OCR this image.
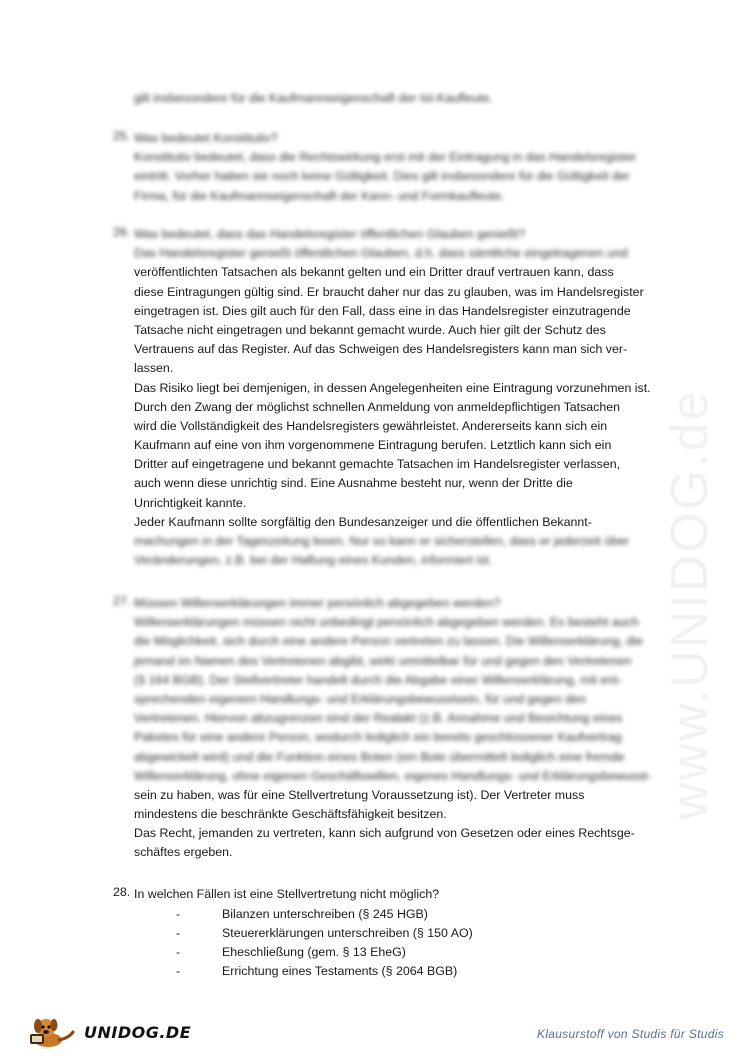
www.UNIDOG.de
gilt insbesondere für die Kaufmannseigenschaft der Ist-Kaufleute.
25. Was bedeutet Konstitutiv?
Konstitutiv bedeutet, dass die Rechtswirkung erst mit der Eintragung in das Handelsregister
eintritt. Vorher hatten sie noch keine Gültigkeit. Dies gilt insbesondere für die Gültigkeit der
Firma, für die Kaufmannseigenschaft der Kann- und Formkaufleute.
26. Was bedeutet, dass das Handelsregister öffentlichen Glauben genießt?
Das Handelsregister genießt öffentlichen Glauben, d.h. dass sämtliche eingetragenen und
veröffentlichten Tatsachen als bekannt gelten und ein Dritter drauf vertrauen kann, dass
diese Eintragungen gültig sind. Er braucht daher nur das zu glauben, was im Handelsregister
eingetragen ist. Dies gilt auch für den Fall, dass eine in das Handelsregister einzutragende
Tatsache nicht eingetragen und bekannt gemacht wurde. Auch hier gilt der Schutz des
Vertrauens auf das Register. Auf das Schweigen des Handelsregisters kann man sich ver-
lassen.
Das Risiko liegt bei demjenigen, in dessen Angelegenheiten eine Eintragung vorzunehmen ist.
Durch den Zwang der möglichst schnellen Anmeldung von anmeldepflichtigen Tatsachen
wird die Vollständigkeit des Handelsregisters gewährleistet. Andererseits kann sich ein
Kaufmann auf eine von ihm vorgenommene Eintragung berufen. Letztlich kann sich ein
Dritter auf eingetragene und bekannt gemachte Tatsachen im Handelsregister verlassen,
auch wenn diese unrichtig sind. Eine Ausnahme besteht nur, wenn der Dritte die
Unrichtigkeit kannte.
Jeder Kaufmann sollte sorgfältig den Bundesanzeiger und die öffentlichen Bekannt-
machungen in der Tageszeitung lesen. Nur so kann er sicherstellen, dass er jederzeit über
Veränderungen, z.B. bei der Haftung eines Kunden, informiert ist.
27. Müssen Willenserklärungen immer persönlich abgegeben werden?
Willenserklärungen müssen nicht unbedingt persönlich abgegeben werden. Es besteht auch
die Möglichkeit, sich durch eine andere Person vertreten zu lassen. Die Willenserklärung, die
jemand im Namen des Vertretenen abgibt, wirkt unmittelbar für und gegen den Vertretenen
(§ 164 BGB). Der Stellvertreter handelt durch die Abgabe einer Willenserklärung, mit ent-
sprechenden eigenem Handlungs- und Erklärungsbewusstsein, für und gegen den
Vertretenen. Hiervon abzugrenzen sind der Realakt (z.B. Annahme und Besichtung eines
Paketes für eine andere Person, wodurch lediglich ein bereits geschlossener Kaufvertrag
abgewickelt wird) und die Funktion eines Boten (ein Bote übermittelt lediglich eine fremde
Willenserklärung, ohne eigenen Geschäftswillen, eigenes Handlungs- und Erklärungsbewusst-
sein zu haben, was für eine Stellvertretung Voraussetzung ist). Der Vertreter muss
mindestens die beschränkte Geschäftsfähigkeit besitzen.
Das Recht, jemanden zu vertreten, kann sich aufgrund von Gesetzen oder eines Rechtsge-
schäftes ergeben.
28. In welchen Fällen ist eine Stellvertretung nicht möglich?
-	Bilanzen unterschreiben (§ 245 HGB)
-	Steuererklärungen unterschreiben (§ 150 AO)
-	Eheschließung (gem. § 13 EheG)
-	Errichtung eines Testaments (§ 2064 BGB)
UNIDOG.DE	Klausurstoff von Studis für Studis
